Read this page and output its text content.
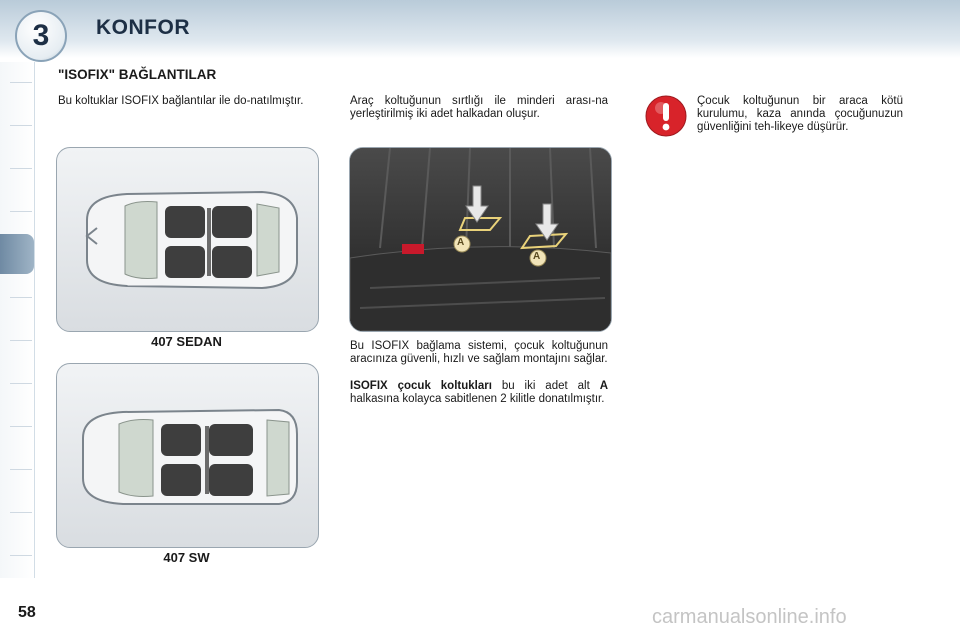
3	KONFOR
"ISOFIX" BAĞLANTILAR
Bu koltuklar ISOFIX bağlantılar ile do-natılmıştır.
407 SEDAN
407 SW
Araç koltuğunun sırtlığı ile minderi arası-na yerleştirilmiş iki adet halkadan oluşur.
A
A
Bu ISOFIX bağlama sistemi, çocuk koltuğunun aracınıza güvenli, hızlı ve sağlam montajını sağlar.
ISOFIX çocuk koltukları bu iki adet alt A halkasına kolayca sabitlenen 2 kilitle donatılmıştır.
Çocuk koltuğunun bir araca kötü kurulumu, kaza anında çocuğunuzun güvenliğini teh-likeye düşürür.
58	carmanualsonline.info
